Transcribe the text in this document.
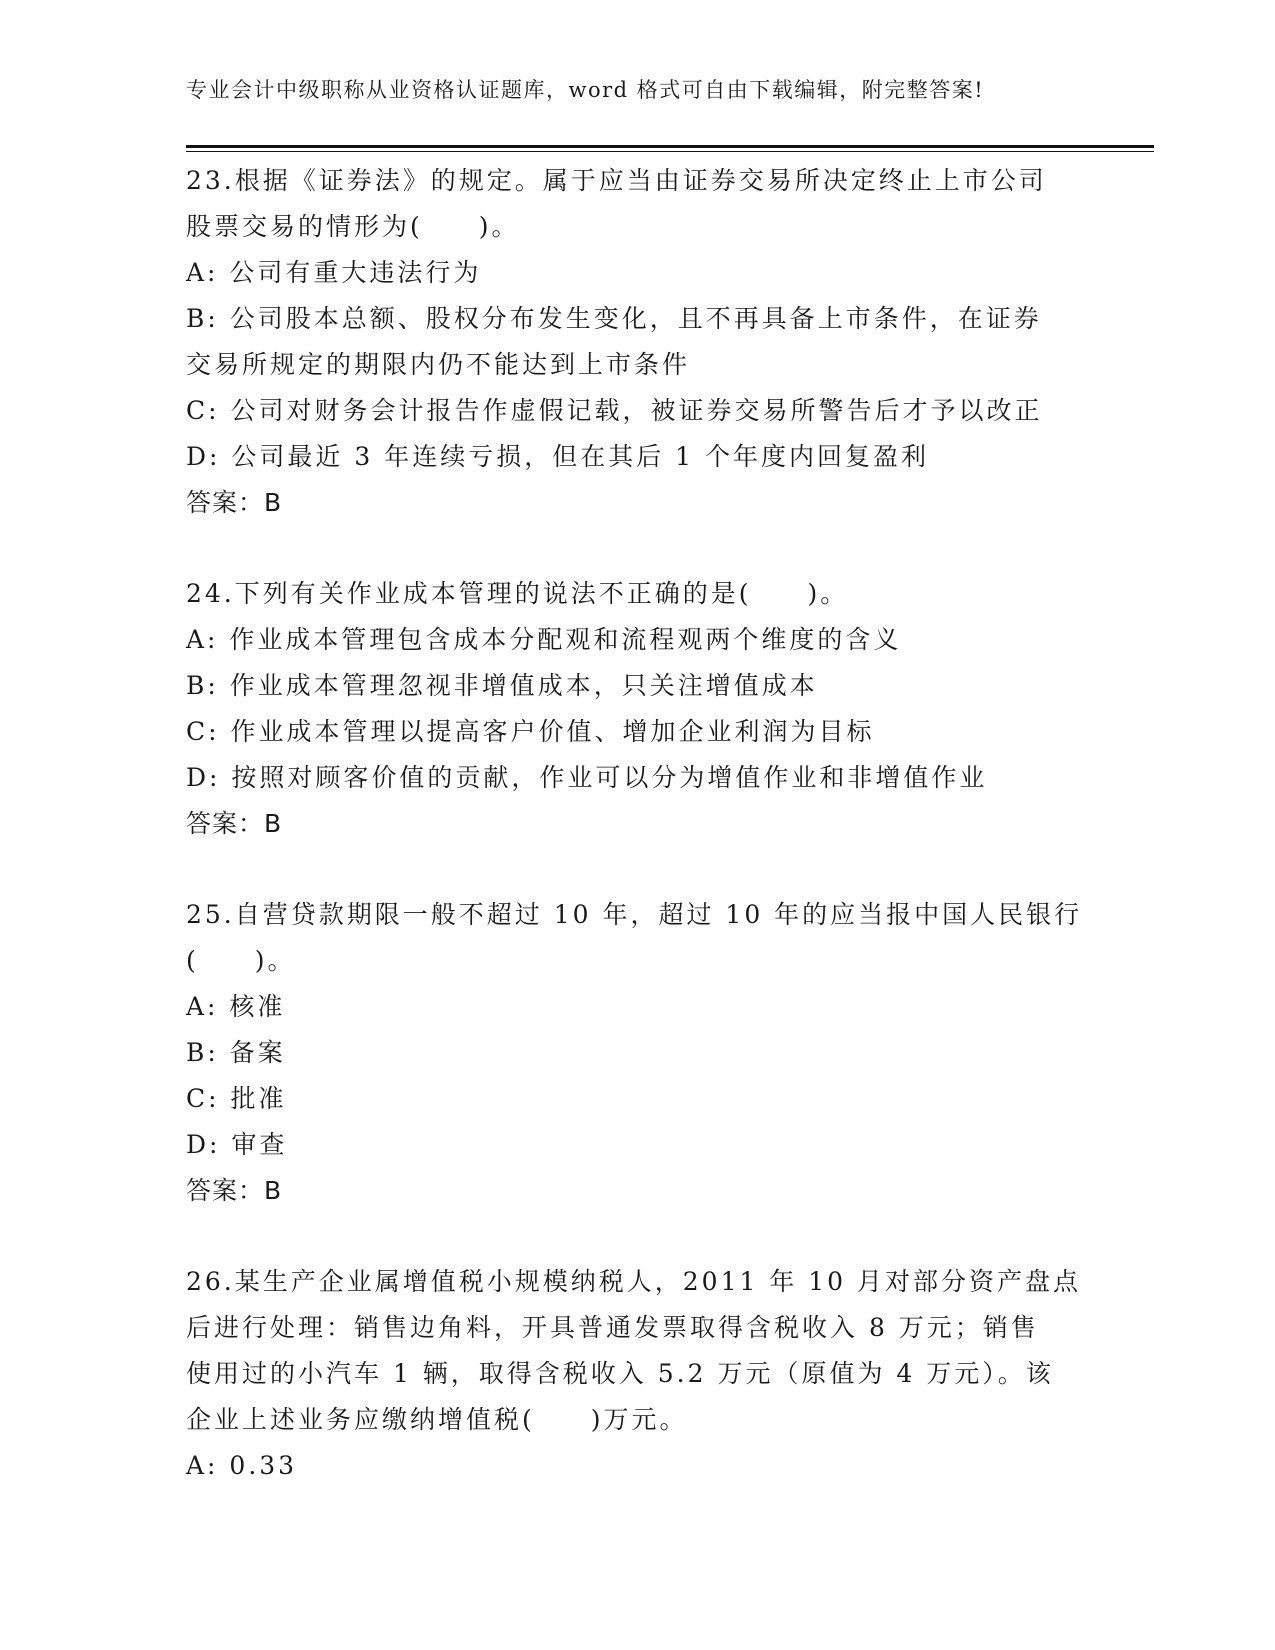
专业会计中级职称从业资格认证题库，word 格式可自由下载编辑，附完整答案!
23.根据《证券法》的规定。属于应当由证券交易所决定终止上市公司
股票交易的情形为(　　)。
A: 公司有重大违法行为
B: 公司股本总额、股权分布发生变化，且不再具备上市条件，在证券
交易所规定的期限内仍不能达到上市条件
C: 公司对财务会计报告作虚假记载，被证券交易所警告后才予以改正
D: 公司最近 3 年连续亏损，但在其后 1 个年度内回复盈利
答案：B
24.下列有关作业成本管理的说法不正确的是(　　)。
A: 作业成本管理包含成本分配观和流程观两个维度的含义
B: 作业成本管理忽视非增值成本，只关注增值成本
C: 作业成本管理以提高客户价值、增加企业利润为目标
D: 按照对顾客价值的贡献，作业可以分为增值作业和非增值作业
答案：B
25.自营贷款期限一般不超过 10 年，超过 10 年的应当报中国人民银行
(　　)。
A: 核准
B: 备案
C: 批准
D: 审查
答案：B
26.某生产企业属增值税小规模纳税人，2011 年 10 月对部分资产盘点
后进行处理：销售边角料，开具普通发票取得含税收入 8 万元；销售
使用过的小汽车 1 辆，取得含税收入 5.2 万元（原值为 4 万元）。该
企业上述业务应缴纳增值税(　　)万元。
A: 0.33
